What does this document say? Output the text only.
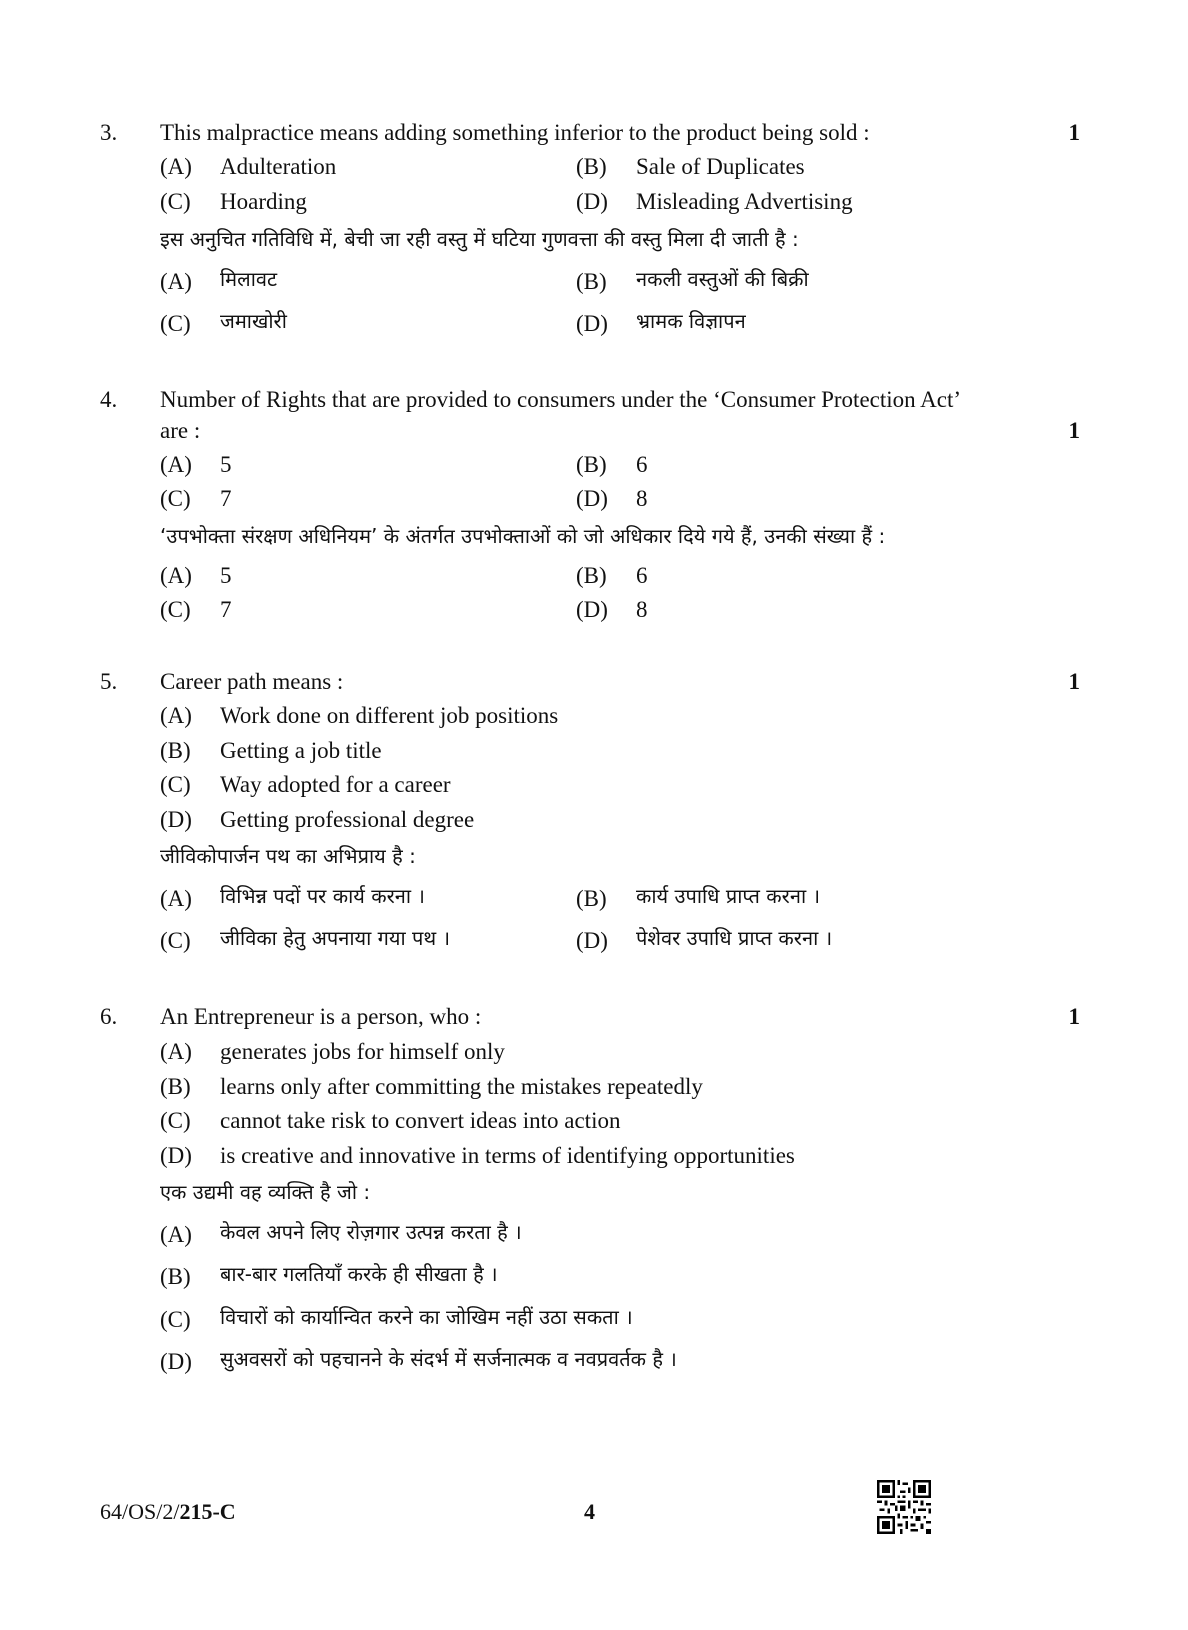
3. This malpractice means adding something inferior to the product being sold :	1
(A) Adulteration	(B) Sale of Duplicates
(C) Hoarding	(D) Misleading Advertising
इस अनुचित गतिविधि में, बेची जा रही वस्तु में घटिया गुणवत्ता की वस्तु मिला दी जाती है :
(A) मिलावट	(B) नकली वस्तुओं की बिक्री
(C) जमाखोरी	(D) भ्रामक विज्ञापन
4. Number of Rights that are provided to consumers under the ‘Consumer Protection Act’
are :	1
(A) 5	(B) 6
(C) 7	(D) 8
‘उपभोक्ता संरक्षण अधिनियम’ के अंतर्गत उपभोक्ताओं को जो अधिकार दिये गये हैं, उनकी संख्या हैं :
(A) 5	(B) 6
(C) 7	(D) 8
5. Career path means :	1
(A) Work done on different job positions
(B) Getting a job title
(C) Way adopted for a career
(D) Getting professional degree
जीविकोपार्जन पथ का अभिप्राय है :
(A) विभिन्न पदों पर कार्य करना ।	(B) कार्य उपाधि प्राप्त करना ।
(C) जीविका हेतु अपनाया गया पथ ।	(D) पेशेवर उपाधि प्राप्त करना ।
6. An Entrepreneur is a person, who :	1
(A) generates jobs for himself only
(B) learns only after committing the mistakes repeatedly
(C) cannot take risk to convert ideas into action
(D) is creative and innovative in terms of identifying opportunities
एक उद्यमी वह व्यक्ति है जो :
(A) केवल अपने लिए रोज़गार उत्पन्न करता है ।
(B) बार-बार गलतियाँ करके ही सीखता है ।
(C) विचारों को कार्यान्वित करने का जोखिम नहीं उठा सकता ।
(D) सुअवसरों को पहचानने के संदर्भ में सर्जनात्मक व नवप्रवर्तक है ।
64/OS/2/215-C	4
